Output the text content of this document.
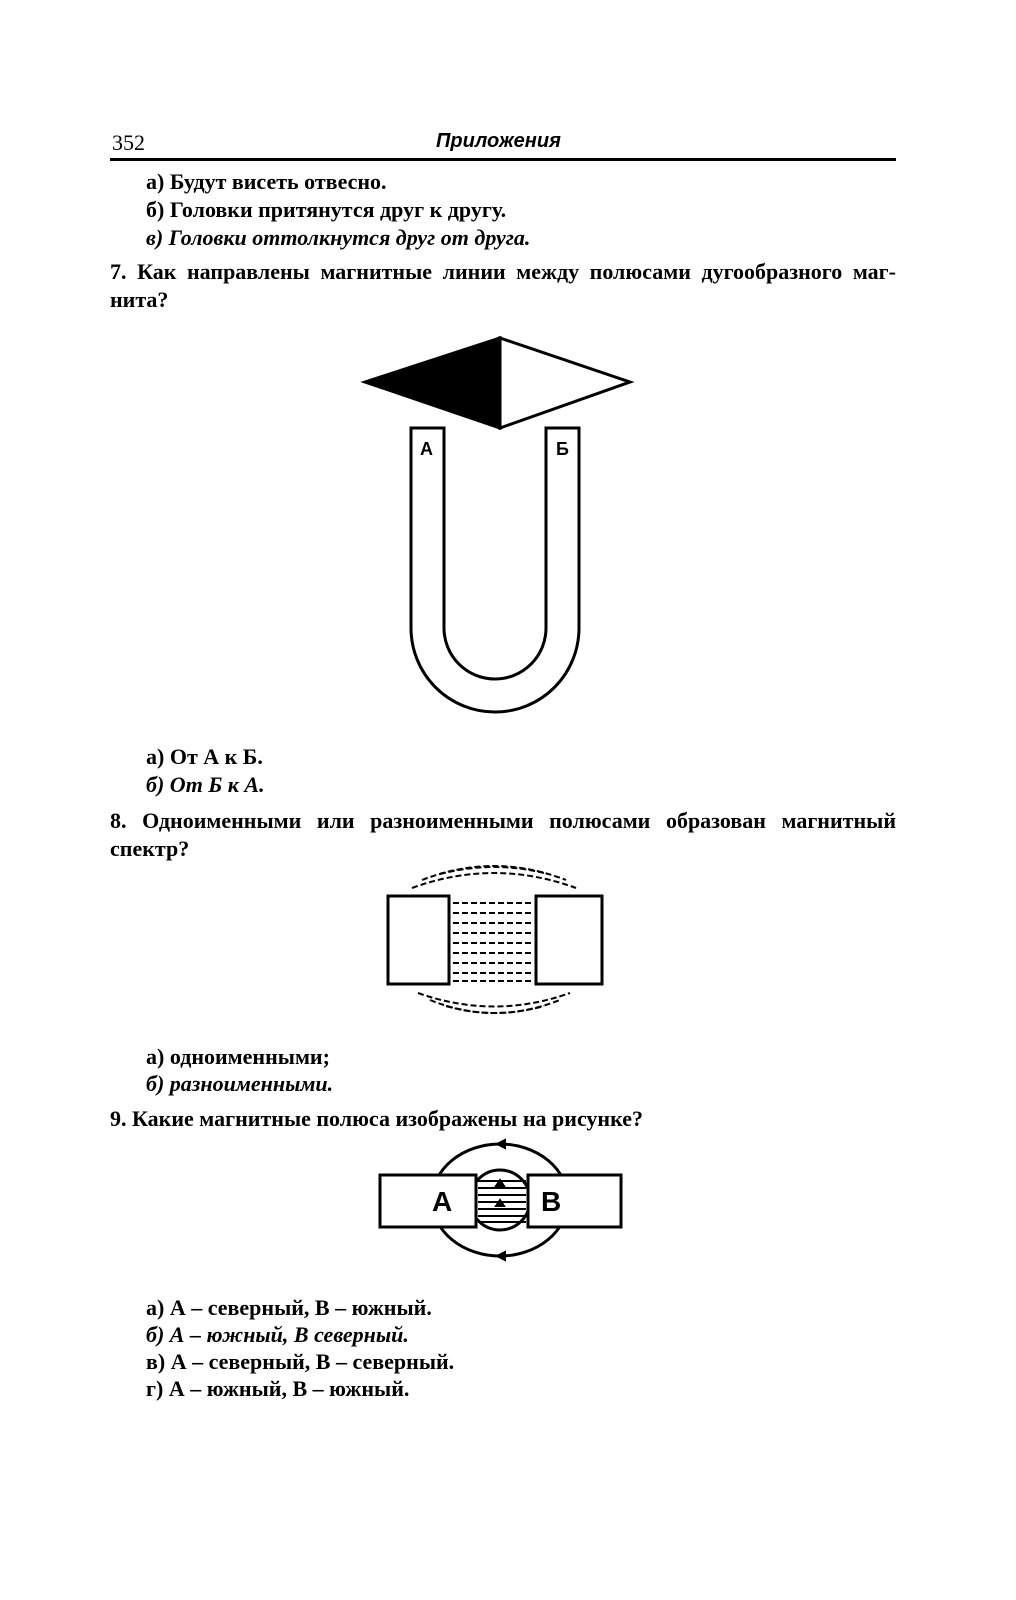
352	Приложения
а) Будут висеть отвесно.
б) Головки притянутся друг к другу.
в) Головки оттолкнутся друг от друга.
7. Как направлены магнитные линии между полюсами дугообразного маг-
нита?
А	Б
A	B
а) От А к Б.
б) От Б к А.
8. Одноименными или разноименными полюсами образован магнитный
спектр?
а) одноименными;
б) разноименными.
9. Какие магнитные полюса изображены на рисунке?
а) А – северный, В – южный.
б) А – южный, В северный.
в) А – северный, В – северный.
г) А – южный, В – южный.
